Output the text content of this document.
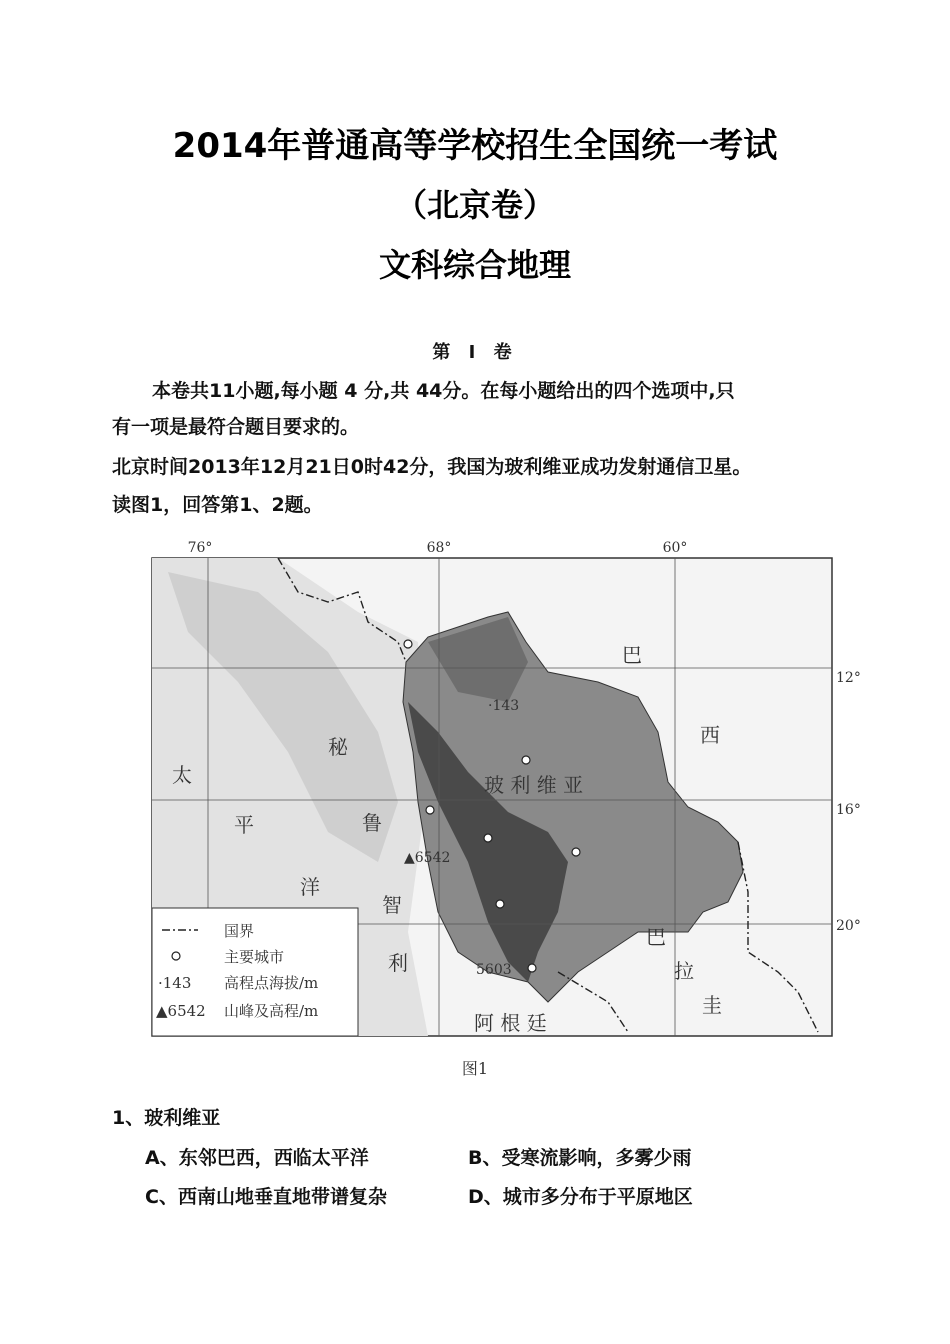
2014年普通高等学校招生全国统一考试
（北京卷）
文科综合地理
第 Ⅰ 卷
本卷共11小题,每小题 4 分,共 44分。在每小题给出的四个选项中,只
有一项是最符合题目要求的。
北京时间2013年12月21日0时42分，我国为玻利维亚成功发射通信卫星。
读图1，回答第1、2题。
76°	68°	60°
12°
16°
20°
巴
西
玻 利 维 亚
秘
鲁
太
平
洋
智
利
巴
拉
圭
阿 根 廷
·143
▲6542
5603
国界
主要城市
·143 高程点海拔/m
▲6542 山峰及高程/m
图1
1、玻利维亚
A、东邻巴西，西临太平洋	B、受寒流影响，多雾少雨
C、西南山地垂直地带谱复杂	D、城市多分布于平原地区
